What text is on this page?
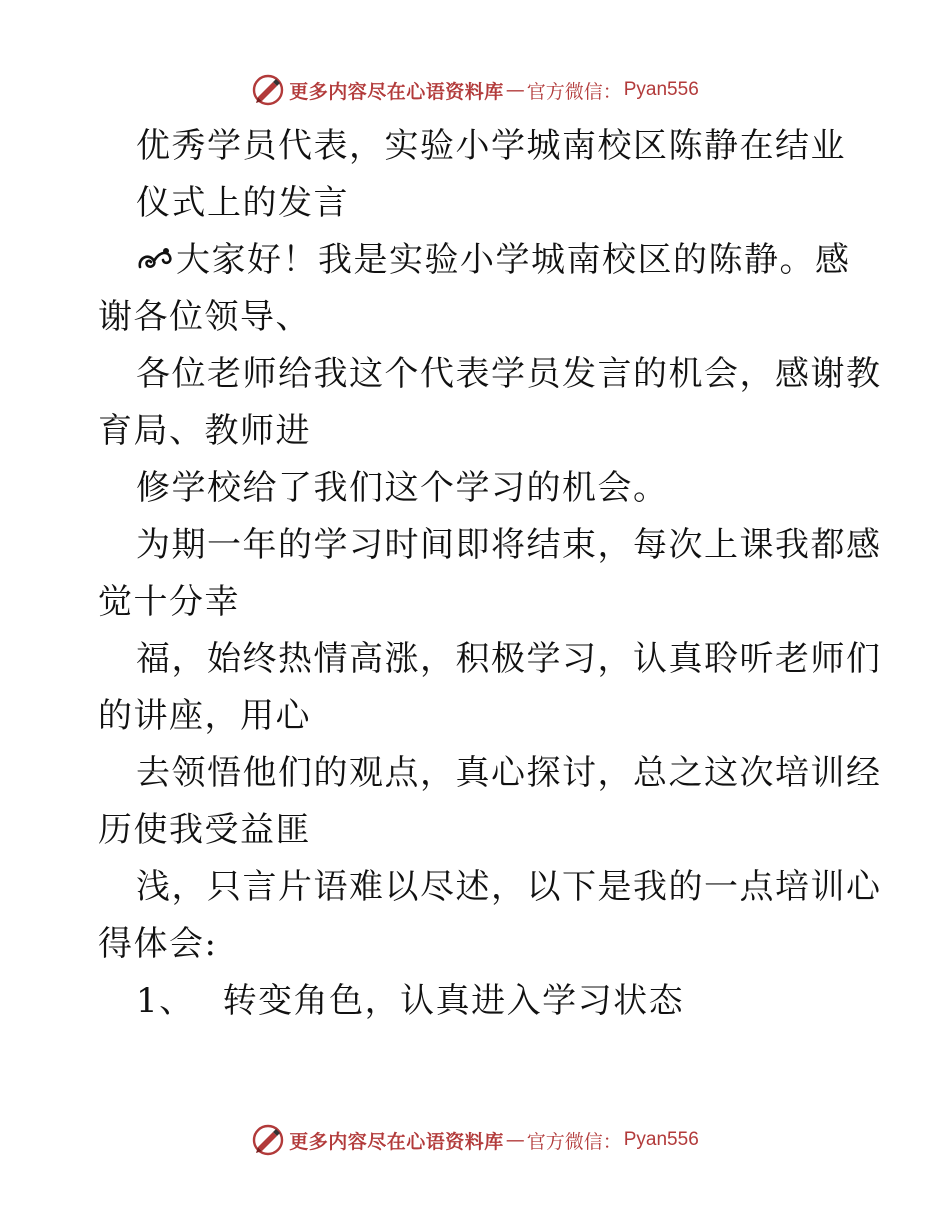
更多内容尽在心语资料库 — 官方微信： Pyan556
优秀学员代表，实验小学城南校区陈静在结业
仪式上的发言
大家好！我是实验小学城南校区的陈静。感
谢各位领导、
各位老师给我这个代表学员发言的机会，感谢教
育局、教师进
修学校给了我们这个学习的机会。
为期一年的学习时间即将结束，每次上课我都感
觉十分幸
福，始终热情高涨，积极学习，认真聆听老师们
的讲座，用心
去领悟他们的观点，真心探讨，总之这次培训经
历使我受益匪
浅，只言片语难以尽述，以下是我的一点培训心
得体会:
1、 转变角色，认真进入学习状态
更多内容尽在心语资料库 — 官方微信： Pyan556
